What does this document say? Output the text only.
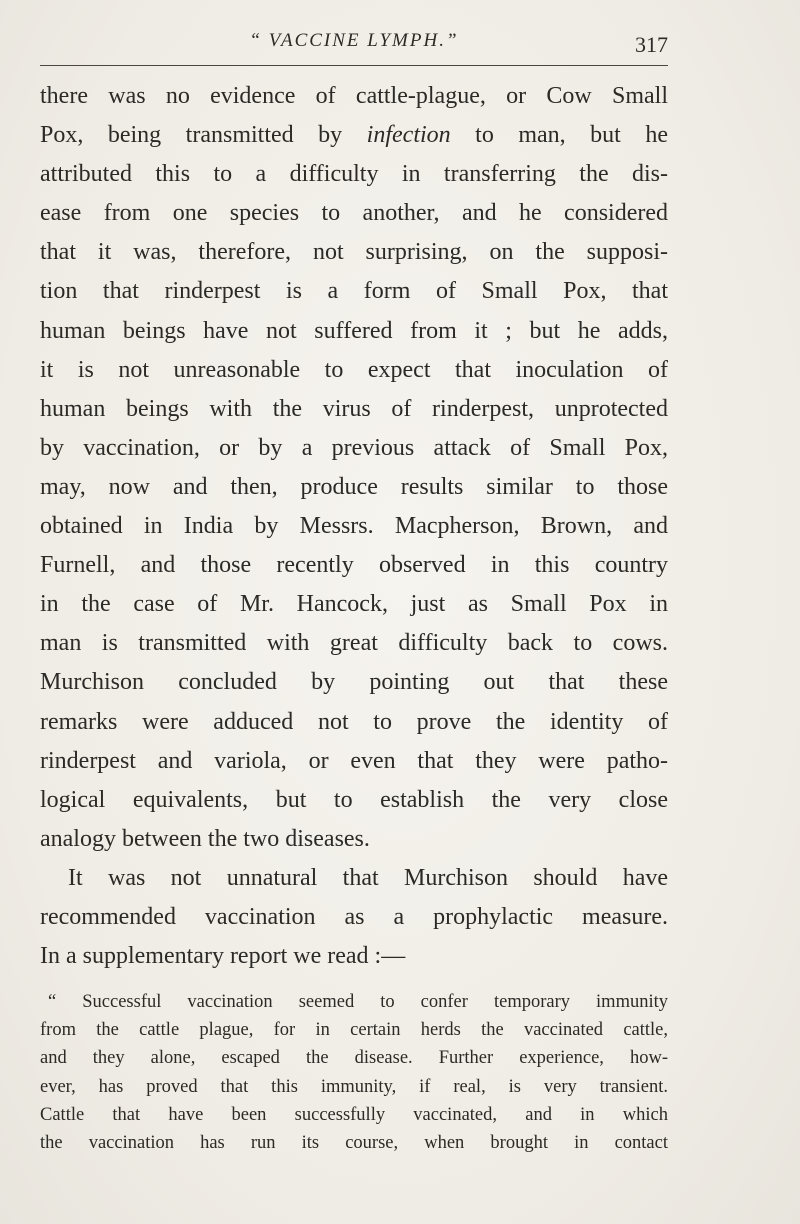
“ VACCINE LYMPH.”	317
there was no evidence of cattle-plague, or Cow Small
Pox, being transmitted by infection to man, but he
attributed this to a difficulty in transferring the dis-
ease from one species to another, and he considered
that it was, therefore, not surprising, on the supposi-
tion that rinderpest is a form of Small Pox, that
human beings have not suffered from it ; but he adds,
it is not unreasonable to expect that inoculation of
human beings with the virus of rinderpest, unprotected
by vaccination, or by a previous attack of Small Pox,
may, now and then, produce results similar to those
obtained in India by Messrs. Macpherson, Brown, and
Furnell, and those recently observed in this country
in the case of Mr. Hancock, just as Small Pox in
man is transmitted with great difficulty back to cows.
Murchison concluded by pointing out that these
remarks were adduced not to prove the identity of
rinderpest and variola, or even that they were patho-
logical equivalents, but to establish the very close
analogy between the two diseases.
It was not unnatural that Murchison should have
recommended vaccination as a prophylactic measure.
In a supplementary report we read :—
“ Successful vaccination seemed to confer temporary immunity
from the cattle plague, for in certain herds the vaccinated cattle,
and they alone, escaped the disease. Further experience, how-
ever, has proved that this immunity, if real, is very transient.
Cattle that have been successfully vaccinated, and in which
the vaccination has run its course, when brought in contact
